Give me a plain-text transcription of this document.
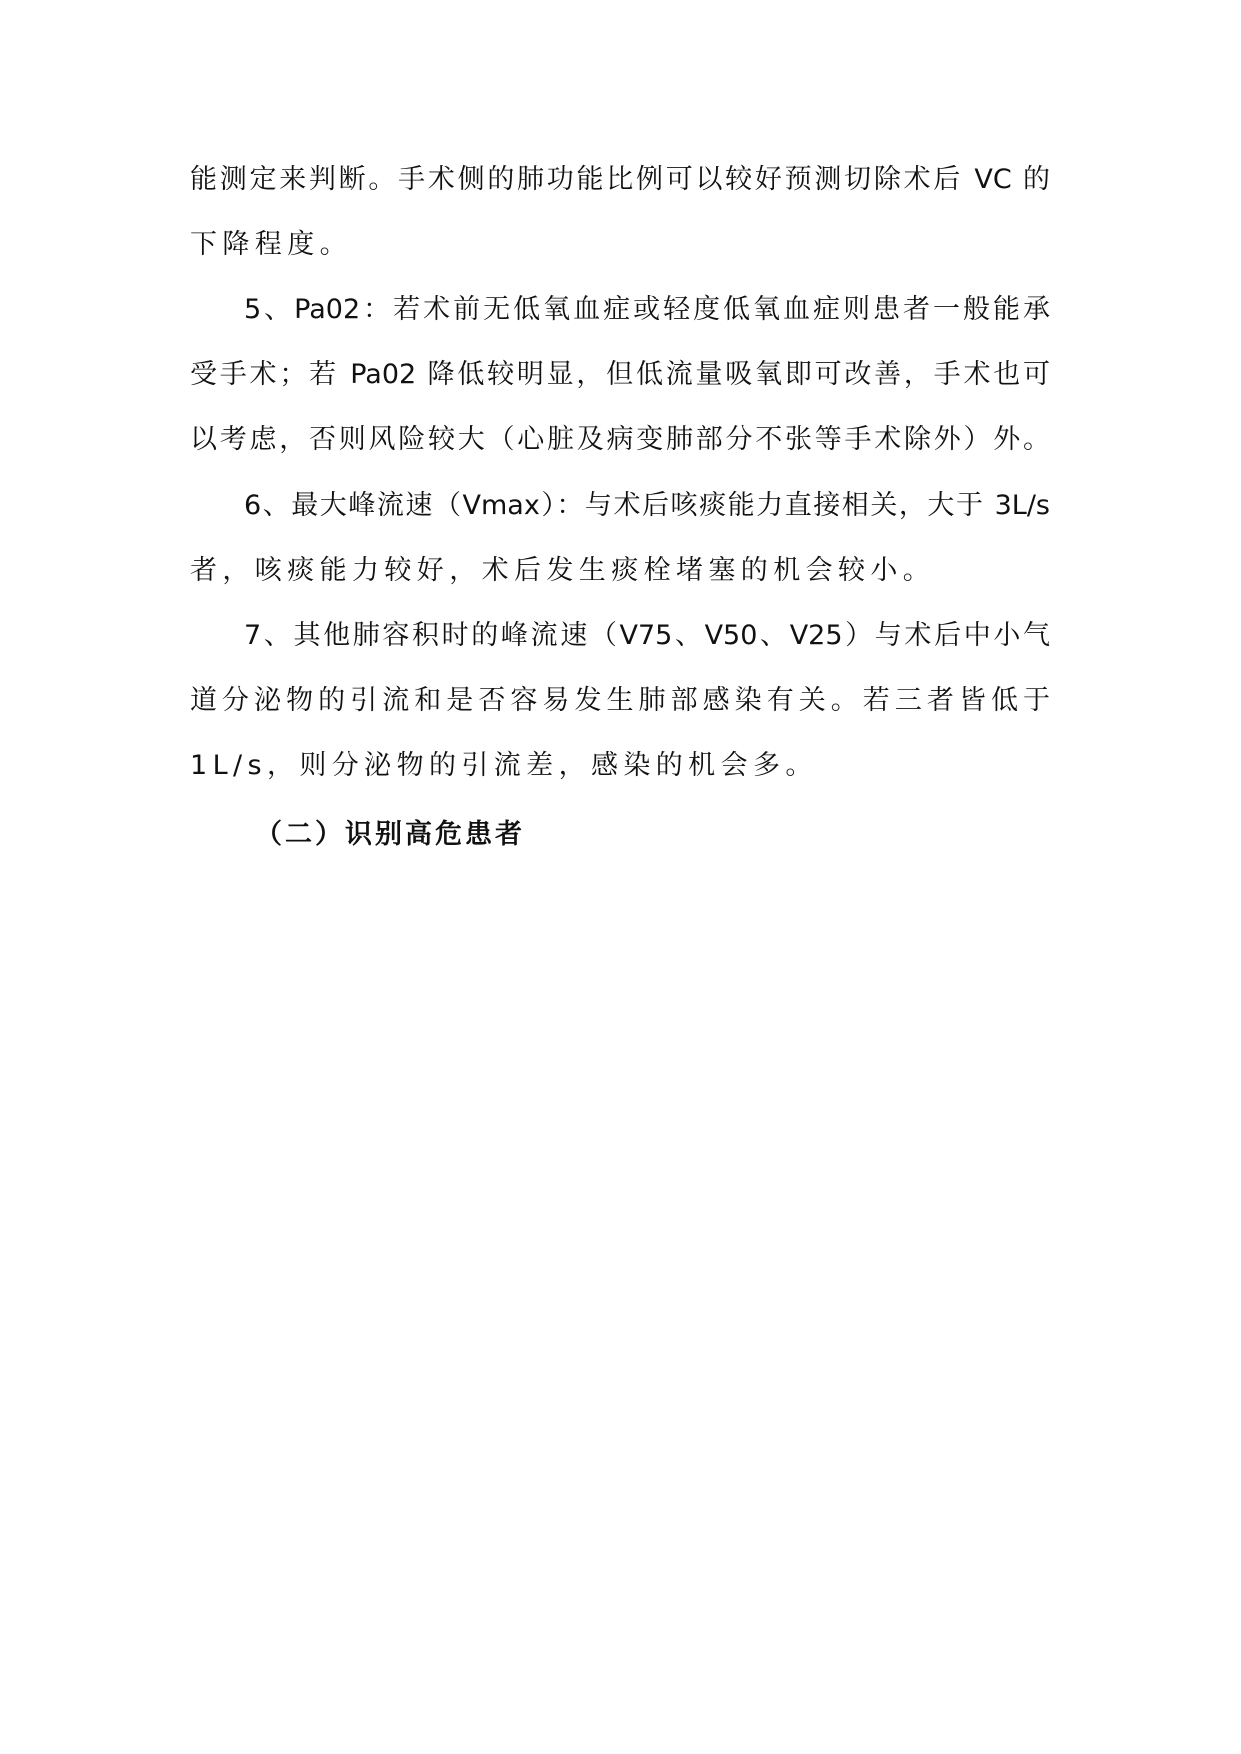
能测定来判断。手术侧的肺功能比例可以较好预测切除术后 VC 的
下降程度。
5、Pa02：若术前无低氧血症或轻度低氧血症则患者一般能承
受手术；若 Pa02 降低较明显，但低流量吸氧即可改善，手术也可
以考虑，否则风险较大（心脏及病变肺部分不张等手术除外）外。
6、最大峰流速（Vmax）：与术后咳痰能力直接相关，大于 3L/s
者，咳痰能力较好，术后发生痰栓堵塞的机会较小。
7、其他肺容积时的峰流速（V75、V50、V25）与术后中小气
道分泌物的引流和是否容易发生肺部感染有关。若三者皆低于
1L/s，则分泌物的引流差，感染的机会多。
（二）识别高危患者
